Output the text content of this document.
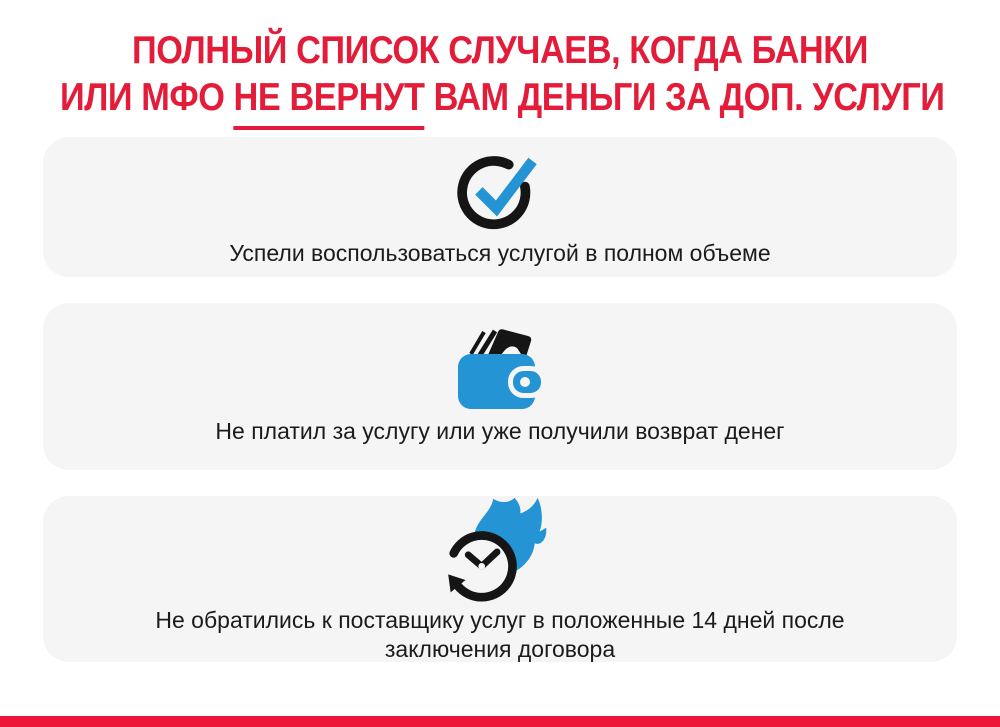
ПОЛНЫЙ СПИСОК СЛУЧАЕВ, КОГДА БАНКИ
ИЛИ МФО НЕ ВЕРНУТ ВАМ ДЕНЬГИ ЗА ДОП. УСЛУГИ
Успели воспользоваться услугой в полном объеме
Не платил за услугу или уже получили возврат денег
Не обратились к поставщику услуг в положенные 14 дней после заключения договора
